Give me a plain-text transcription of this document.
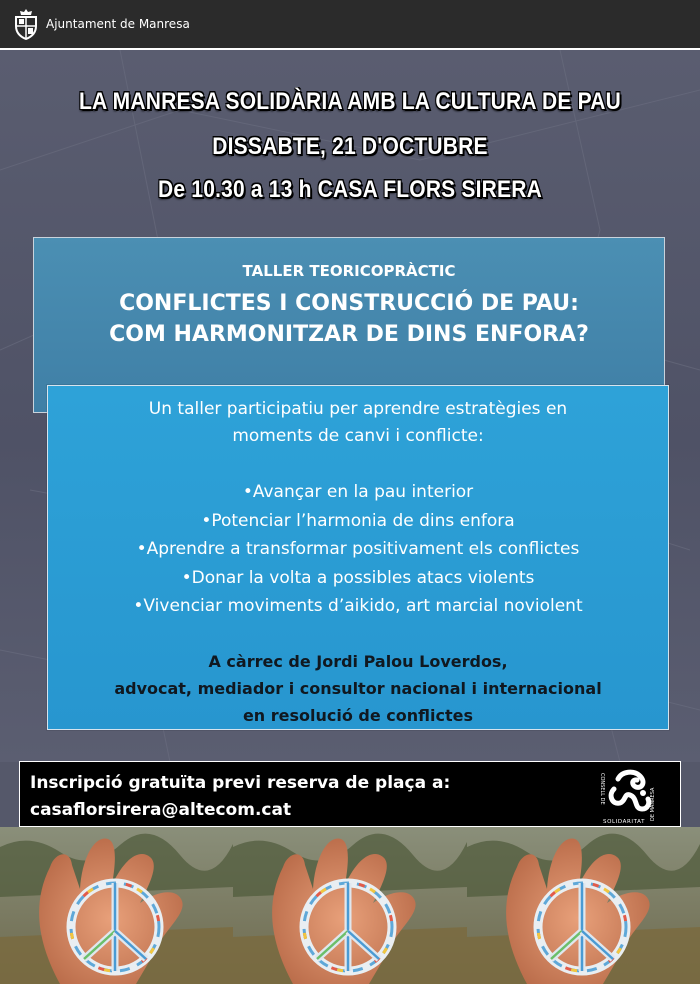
Ajuntament de Manresa
LA MANRESA SOLIDÀRIA AMB LA CULTURA DE PAU
DISSABTE, 21 D'OCTUBRE
De 10.30 a 13 h CASA FLORS SIRERA
TALLER TEORICOPRÀCTIC
CONFLICTES I CONSTRUCCIÓ DE PAU:
COM HARMONITZAR DE DINS ENFORA?
Un taller participatiu per aprendre estratègies en
moments de canvi i conflicte:
•Avançar en la pau interior
•Potenciar l’harmonia de dins enfora
•Aprendre a transformar positivament els conflictes
•Donar la volta a possibles atacs violents
•Vivenciar moviments d’aikido, art marcial noviolent
A càrrec de Jordi Palou Loverdos,
advocat, mediador i consultor nacional i internacional
en resolució de conflictes
Inscripció gratuïta previ reserva de plaça a:
casaflorsirera@altecom.cat
CONSELL DE
SOLIDARITAT
DE MANRESA
